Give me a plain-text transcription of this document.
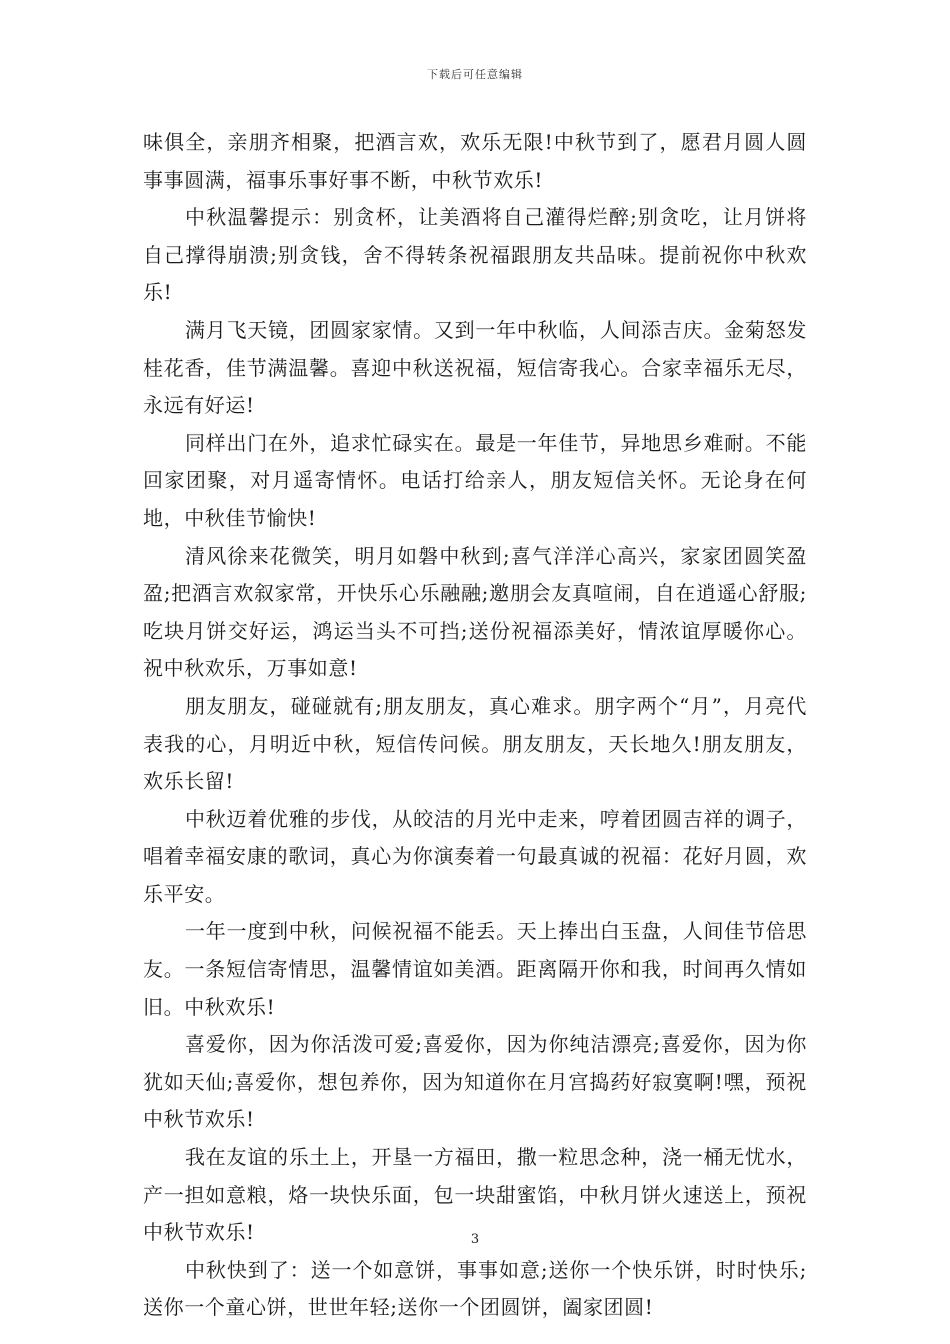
下载后可任意编辑

味俱全，亲朋齐相聚，把酒言欢，欢乐无限!中秋节到了，愿君月圆人圆事事圆满，福事乐事好事不断，中秋节欢乐!

中秋温馨提示：别贪杯，让美酒将自己灌得烂醉;别贪吃，让月饼将自己撑得崩溃;别贪钱，舍不得转条祝福跟朋友共品味。提前祝你中秋欢乐!

满月飞天镜，团圆家家情。又到一年中秋临，人间添吉庆。金菊怒发桂花香，佳节满温馨。喜迎中秋送祝福，短信寄我心。合家幸福乐无尽，永远有好运!

同样出门在外，追求忙碌实在。最是一年佳节，异地思乡难耐。不能回家团聚，对月遥寄情怀。电话打给亲人，朋友短信关怀。无论身在何地，中秋佳节愉快!

清风徐来花微笑，明月如磐中秋到;喜气洋洋心高兴，家家团圆笑盈盈;把酒言欢叙家常，开快乐心乐融融;邀朋会友真喧闹，自在逍遥心舒服;吃块月饼交好运，鸿运当头不可挡;送份祝福添美好，情浓谊厚暖你心。祝中秋欢乐，万事如意!

朋友朋友，碰碰就有;朋友朋友，真心难求。朋字两个“月”，月亮代表我的心，月明近中秋，短信传问候。朋友朋友，天长地久!朋友朋友，欢乐长留!

中秋迈着优雅的步伐，从皎洁的月光中走来，哼着团圆吉祥的调子，唱着幸福安康的歌词，真心为你演奏着一句最真诚的祝福：花好月圆，欢乐平安。

一年一度到中秋，问候祝福不能丢。天上捧出白玉盘，人间佳节倍思友。一条短信寄情思，温馨情谊如美酒。距离隔开你和我，时间再久情如旧。中秋欢乐!

喜爱你，因为你活泼可爱;喜爱你，因为你纯洁漂亮;喜爱你，因为你犹如天仙;喜爱你，想包养你，因为知道你在月宫捣药好寂寞啊!嘿，预祝中秋节欢乐!

我在友谊的乐土上，开垦一方福田，撒一粒思念种，浇一桶无忧水，产一担如意粮，烙一块快乐面，包一块甜蜜馅，中秋月饼火速送上，预祝中秋节欢乐!

中秋快到了：送一个如意饼，事事如意;送你一个快乐饼，时时快乐;送你一个童心饼，世世年轻;送你一个团圆饼，阖家团圆!

3
